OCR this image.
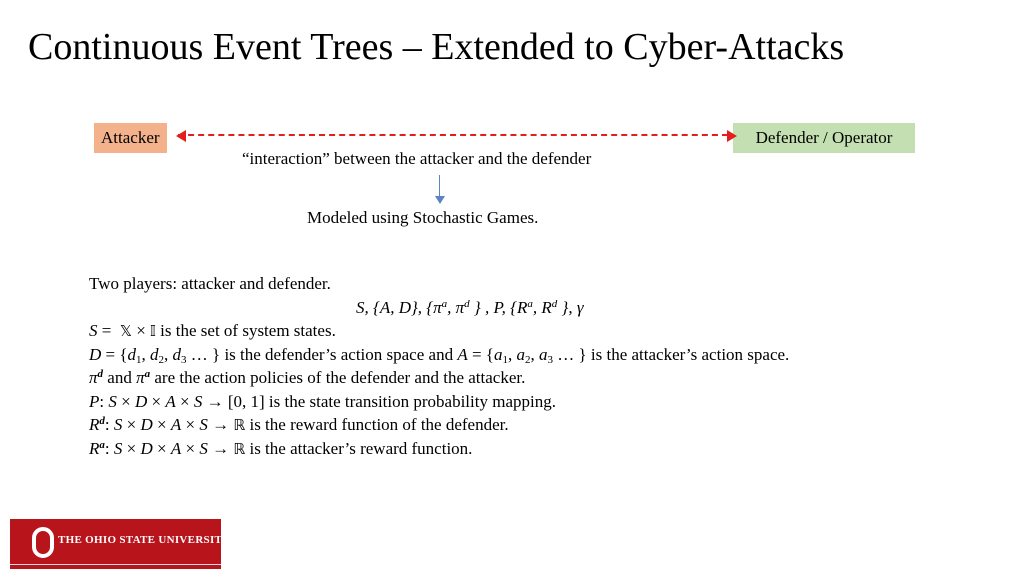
Continuous Event Trees – Extended to Cyber-Attacks
Attacker	Defender / Operator
“interaction” between the attacker and the defender
Modeled using Stochastic Games.
Two players: attacker and defender.
S, {A, D}, {$\pi^a$, $\pi^d$ } , P, {$R^a$, $R^d$ }, γ
S =  𝕏 × 𝕀 is the set of system states.
$D = \{d_1$, $d_2$, $d_3$ … } is the defender’s action space and $A = \{a_1$, $a_2$, $a_3$ … } is the attacker’s action space.
$\pi^d$ and $\pi^a$ are the action policies of the defender and the attacker.
P: S × D × A × S → [0, 1] is the state transition probability mapping.
$R^d$: S × D × A × S → ℝ is the reward function of the defender.
$R^a$: S × D × A × S → ℝ is the attacker’s reward function.
THE OHIO STATE UNIVERSITY
